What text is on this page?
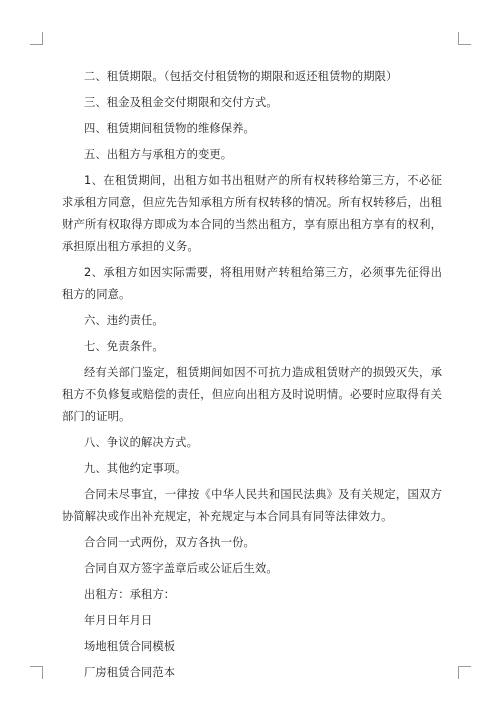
二、租赁期限。（包括交付租赁物的期限和返还租赁物的期限）

三、租金及租金交付期限和交付方式。

四、租赁期间租赁物的维修保养。

五、出租方与承租方的变更。

1、在租赁期间，出租方如书出租财产的所有权转移给第三方，不必征求承租方同意，但应先告知承租方所有权转移的情况。所有权转移后，出租财产所有权取得方即成为本合同的当然出租方，享有原出租方享有的权利，承担原出租方承担的义务。

2、承租方如因实际需要，将租用财产转租给第三方，必须事先征得出租方的同意。

六、违约责任。

七、免责条件。

经有关部门鉴定，租赁期间如因不可抗力造成租赁财产的损毁灭失，承租方不负修复或赔偿的责任，但应向出租方及时说明情。必要时应取得有关部门的证明。

八、争议的解决方式。

九、其他约定事项。

合同未尽事宜，一律按《中华人民共和国民法典》及有关规定，国双方协简解决或作出补充规定，补充规定与本合同具有同等法律效力。

合合同一式两份，双方各执一份。

合同自双方签字盖章后或公证后生效。

出租方：承租方：

年月日年月日

场地租赁合同模板

厂房租赁合同范本
